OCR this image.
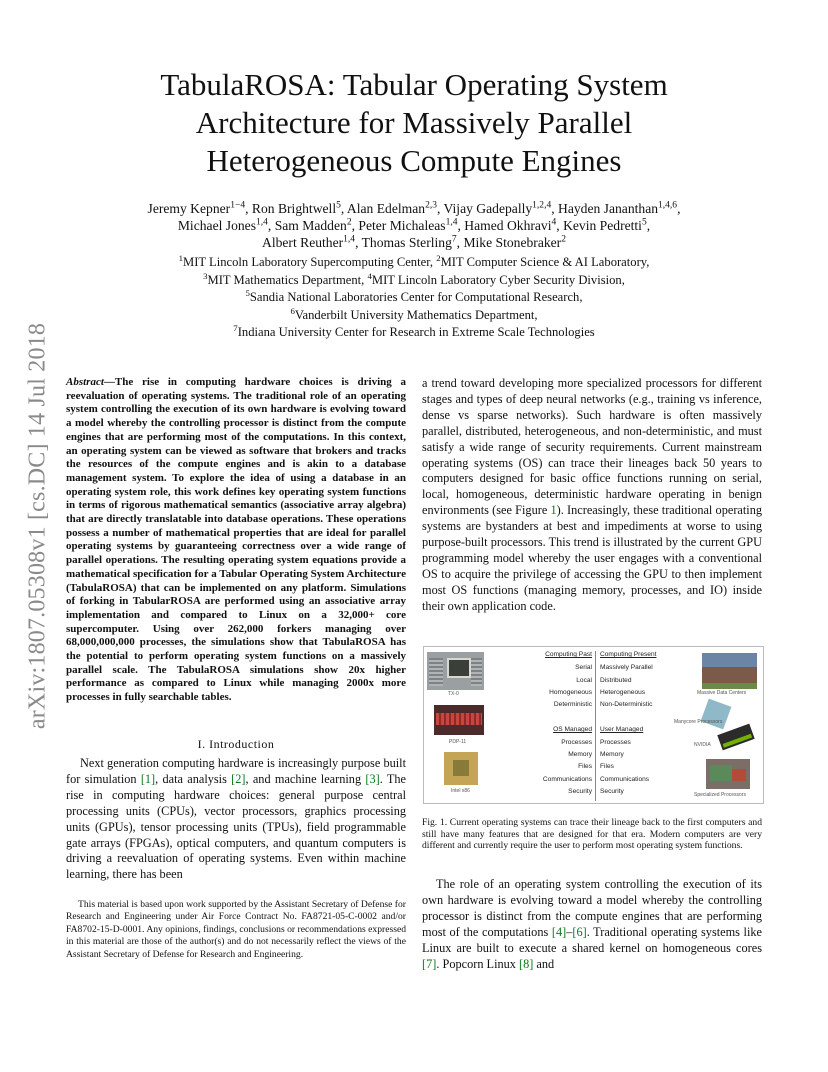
arXiv:1807.05308v1 [cs.DC] 14 Jul 2018
TabulaROSA: Tabular Operating System
Architecture for Massively Parallel
Heterogeneous Compute Engines
Jeremy Kepner$^{1-4}$, Ron Brightwell$^5$, Alan Edelman$^{2,3}$, Vijay Gadepally$^{1,2,4}$, Hayden Jananthan$^{1,4,6}$,
Michael Jones$^{1,4}$, Sam Madden$^2$, Peter Michaleas$^{1,4}$, Hamed Okhravi$^4$, Kevin Pedretti$^5$,
Albert Reuther$^{1,4}$, Thomas Sterling$^7$, Mike Stonebraker$^2$
$^1$MIT Lincoln Laboratory Supercomputing Center, $^2$MIT Computer Science & AI Laboratory,
$^3$MIT Mathematics Department, $^4$MIT Lincoln Laboratory Cyber Security Division,
$^5$Sandia National Laboratories Center for Computational Research,
$^6$Vanderbilt University Mathematics Department,
$^7$Indiana University Center for Research in Extreme Scale Technologies
Abstract—The rise in computing hardware choices is driving a reevaluation of operating systems. The traditional role of an operating system controlling the execution of its own hardware is evolving toward a model whereby the controlling processor is distinct from the compute engines that are performing most of the computations. In this context, an operating system can be viewed as software that brokers and tracks the resources of the compute engines and is akin to a database management system. To explore the idea of using a database in an operating system role, this work defines key operating system functions in terms of rigorous mathematical semantics (associative array algebra) that are directly translatable into database operations. These operations possess a number of mathematical properties that are ideal for parallel operating systems by guaranteeing correctness over a wide range of parallel operations. The resulting operating system equations provide a mathematical specification for a Tabular Operating System Architecture (TabulaROSA) that can be implemented on any platform. Simulations of forking in TabularROSA are performed using an associative array implementation and compared to Linux on a 32,000+ core supercomputer. Using over 262,000 forkers managing over 68,000,000,000 processes, the simulations show that TabulaROSA has the potential to perform operating system functions on a massively parallel scale. The TabulaROSA simulations show 20x higher performance as compared to Linux while managing 2000x more processes in fully searchable tables.
I. Introduction

Next generation computing hardware is increasingly purpose built for simulation [1], data analysis [2], and machine learning [3]. The rise in computing hardware choices: general purpose central processing units (CPUs), vector processors, graphics processing units (GPUs), tensor processing units (TPUs), field programmable gate arrays (FPGAs), optical computers, and quantum computers is driving a reevaluation of operating systems. Even within machine learning, there has been

This material is based upon work supported by the Assistant Secretary of Defense for Research and Engineering under Air Force Contract No. FA8721-05-C-0002 and/or FA8702-15-D-0001. Any opinions, findings, conclusions or recommendations expressed in this material are those of the author(s) and do not necessarily reflect the views of the Assistant Secretary of Defense for Research and Engineering.

a trend toward developing more specialized processors for different stages and types of deep neural networks (e.g., training vs inference, dense vs sparse networks). Such hardware is often massively parallel, distributed, heterogeneous, and non-deterministic, and must satisfy a wide range of security requirements. Current mainstream operating systems (OS) can trace their lineages back 50 years to computers designed for basic office functions running on serial, local, homogeneous, deterministic hardware operating in benign environments (see Figure 1). Increasingly, these traditional operating systems are bystanders at best and impediments at worse to using purpose-built processors. This trend is illustrated by the current GPU programming model whereby the user engages with a conventional OS to acquire the privilege of accessing the GPU to then implement most OS functions (managing memory, processes, and IO) inside their own application code.

TX-0
PDP-11
Intel x86
Massive Data Centers
Manycore Processors
NVIDIA
Specialized Processors
Computing Past
Serial
Local
Homogeneous
Deterministic
OS Managed
Processes
Memory
Files
Communications
Security
Computing Present
Massively Parallel
Distributed
Heterogeneous
Non-Deterministic
User Managed
Processes
Memory
Files
Communications
Security
Fig. 1. Current operating systems can trace their lineage back to the first computers and still have many features that are designed for that era. Modern computers are very different and currently require the user to perform most operating system functions.

The role of an operating system controlling the execution of its own hardware is evolving toward a model whereby the controlling processor is distinct from the compute engines that are performing most of the computations [4]–[6]. Traditional operating systems like Linux are built to execute a shared kernel on homogeneous cores [7]. Popcorn Linux [8] and
